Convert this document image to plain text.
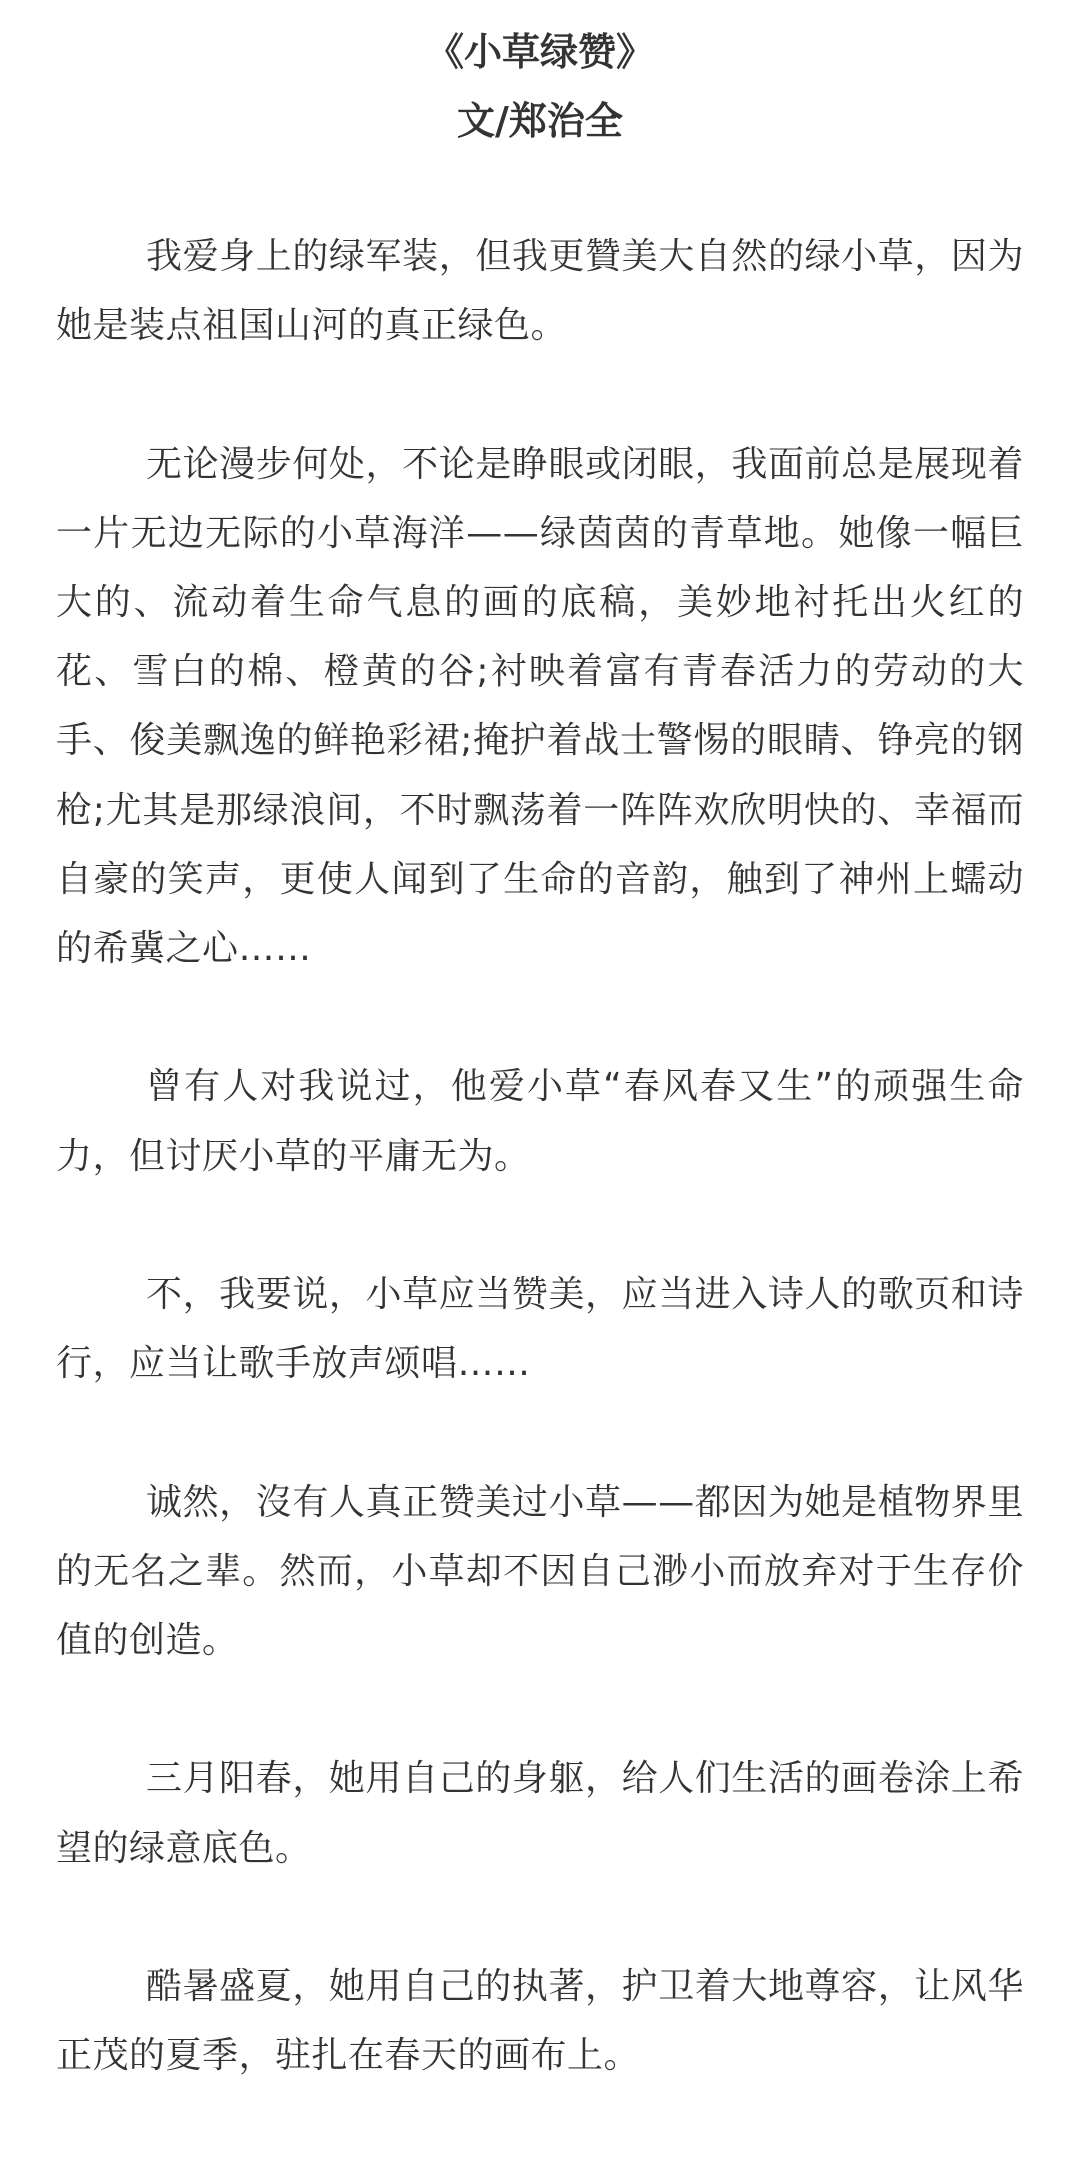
《小草绿赞》

文/郑治全

我爱身上的绿军装，但我更贊美大自然的绿小草，因为她是装点祖国山河的真正绿色。

无论漫步何处，不论是睁眼或闭眼，我面前总是展现着一片无边无际的小草海洋——绿茵茵的青草地。她像一幅巨大的、流动着生命气息的画的底稿，美妙地衬托出火红的花、雪白的棉、橙黄的谷;衬映着富有青春活力的劳动的大手、俊美飘逸的鲜艳彩裙;掩护着战士警惕的眼睛、铮亮的钢枪;尤其是那绿浪间，不时飘荡着一阵阵欢欣明快的、幸福而自豪的笑声，更使人闻到了生命的音韵，触到了神州上蠕动的希冀之心……

曾有人对我说过，他爱小草“春风春又生”的顽强生命力，但讨厌小草的平庸无为。

不，我要说，小草应当赞美，应当进入诗人的歌页和诗行，应当让歌手放声颂唱……

诚然，沒有人真正赞美过小草——都因为她是植物界里的无名之辈。然而，小草却不因自己渺小而放弃对于生存价值的创造。

三月阳春，她用自己的身躯，给人们生活的画卷涂上希望的绿意底色。

酷暑盛夏，她用自己的执著，护卫着大地尊容，让风华正茂的夏季，驻扎在春天的画布上。
